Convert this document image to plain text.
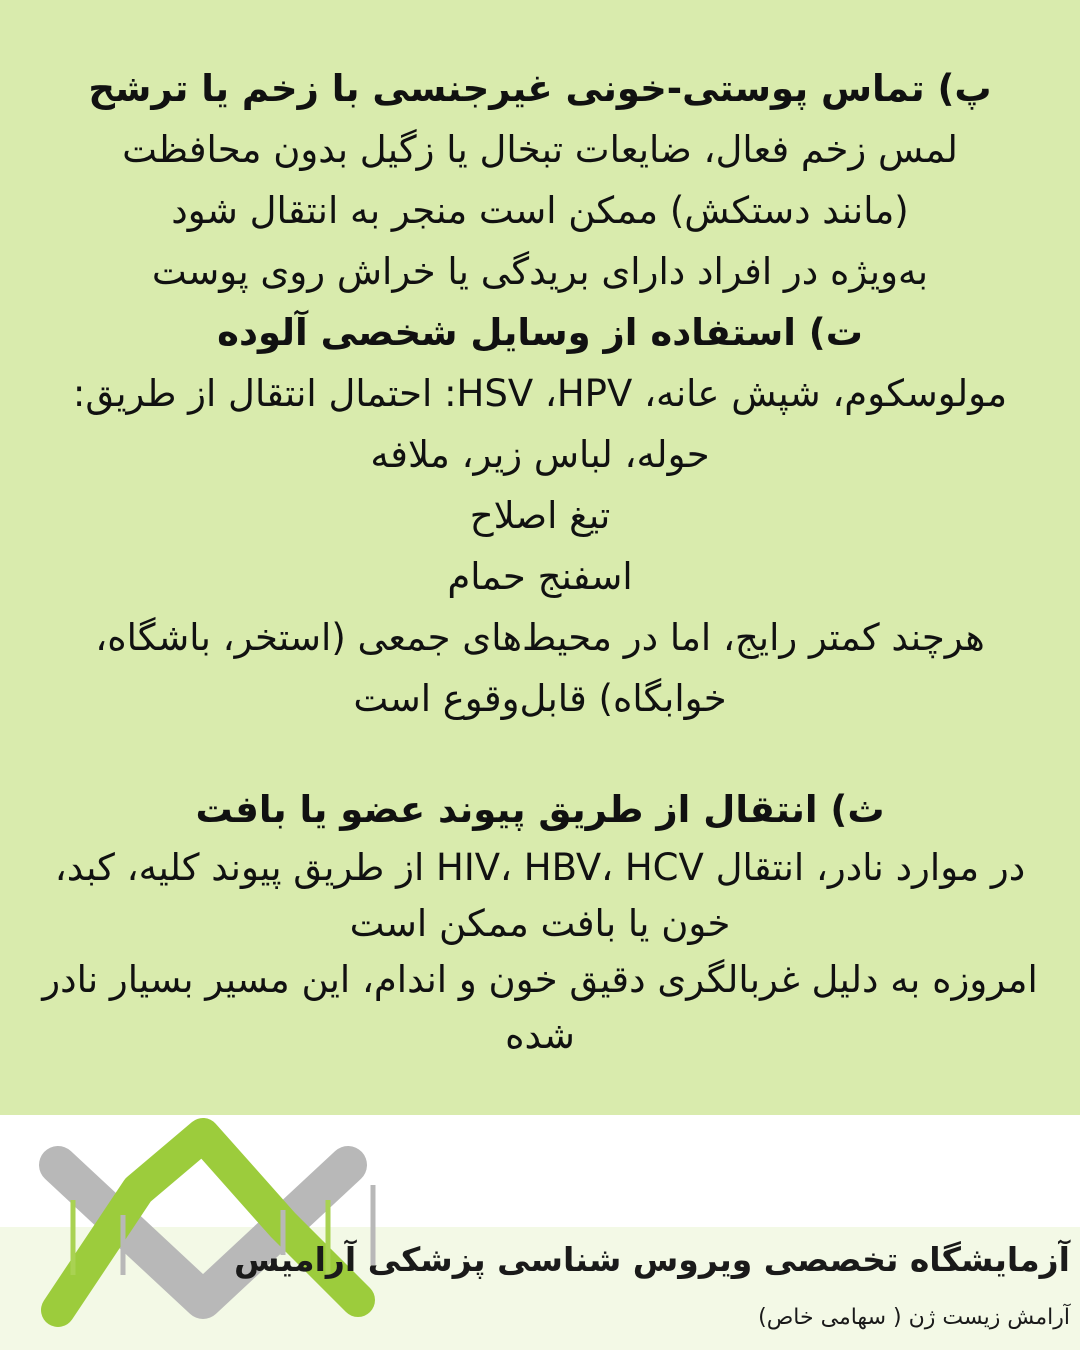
پ) تماس پوستی-خونی غیرجنسی با زخم یا ترشح
لمس زخم فعال، ضایعات تبخال یا زگیل بدون محافظت
(مانند دستکش) ممکن است منجر به انتقال شود
به‌ویژه در افراد دارای بریدگی یا خراش روی پوست
ت) استفاده از وسایل شخصی آلوده
مولوسکوم، شپش عانه، HSV ،HPV: احتمال انتقال از طریق:
حوله، لباس زیر، ملافه
تیغ اصلاح
اسفنج حمام
هرچند کمتر رایج، اما در محیط‌های جمعی (استخر، باشگاه،
خوابگاه) قابل‌وقوع است
ث) انتقال از طریق پیوند عضو یا بافت
در موارد نادر، انتقال HIV، HBV، HCV از طریق پیوند کلیه، کبد،
خون یا بافت ممکن است
امروزه به دلیل غربالگری دقیق خون و اندام، این مسیر بسیار نادر
شده
آزمایشگاه تخصصی ویروس شناسی پزشکی آرامیس
آرامش زیست ژن ( سهامی خاص)
